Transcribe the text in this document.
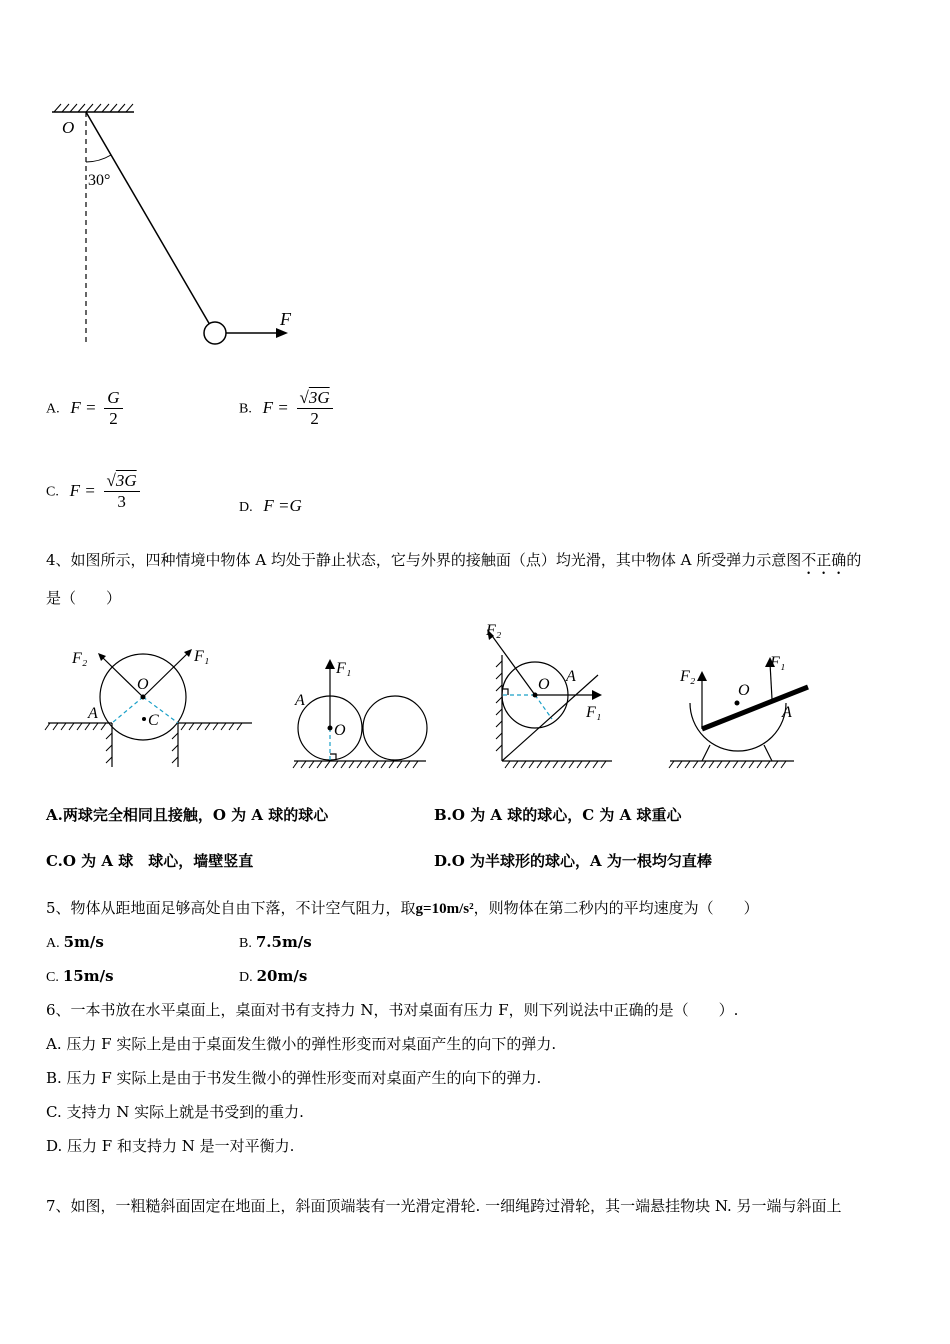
O
30°
F
A. $F = \frac{G}{2}$	B. $F = \frac{√3G}{2}$
C. $F = \frac{√3G}{3}$	D. F =G
4、如图所示，四种情境中物体 A 均处于静止状态，它与外界的接触面（点）均光滑，其中物体 A 所受弹力示意图不正确的
是（　　）
F₂	F₁
O
A	C
F₁
A
O
F₂
O A
F₁
F₂
O
F₁
A
A.两球完全相同且接触，O 为 A 球的球心	B.O 为 A 球的球心，C 为 A 球重心
C.O 为 A 球　球心，墙壁竖直	D.O 为半球形的球心，A 为一根均匀直棒
5、物体从距地面足够高处自由下落，不计空气阻力，取g=10m/s²，则物体在第二秒内的平均速度为（　　）
A. 5m/s	B. 7.5m/s
C. 15m/s	D. 20m/s
6、一本书放在水平桌面上，桌面对书有支持力 N，书对桌面有压力 F，则下列说法中正确的是（　　）.
A. 压力 F 实际上是由于桌面发生微小的弹性形变而对桌面产生的向下的弹力.
B. 压力 F 实际上是由于书发生微小的弹性形变而对桌面产生的向下的弹力.
C. 支持力 N 实际上就是书受到的重力.
D. 压力 F 和支持力 N 是一对平衡力.
7、如图，一粗糙斜面固定在地面上，斜面顶端装有一光滑定滑轮. 一细绳跨过滑轮，其一端悬挂物块 N. 另一端与斜面上
